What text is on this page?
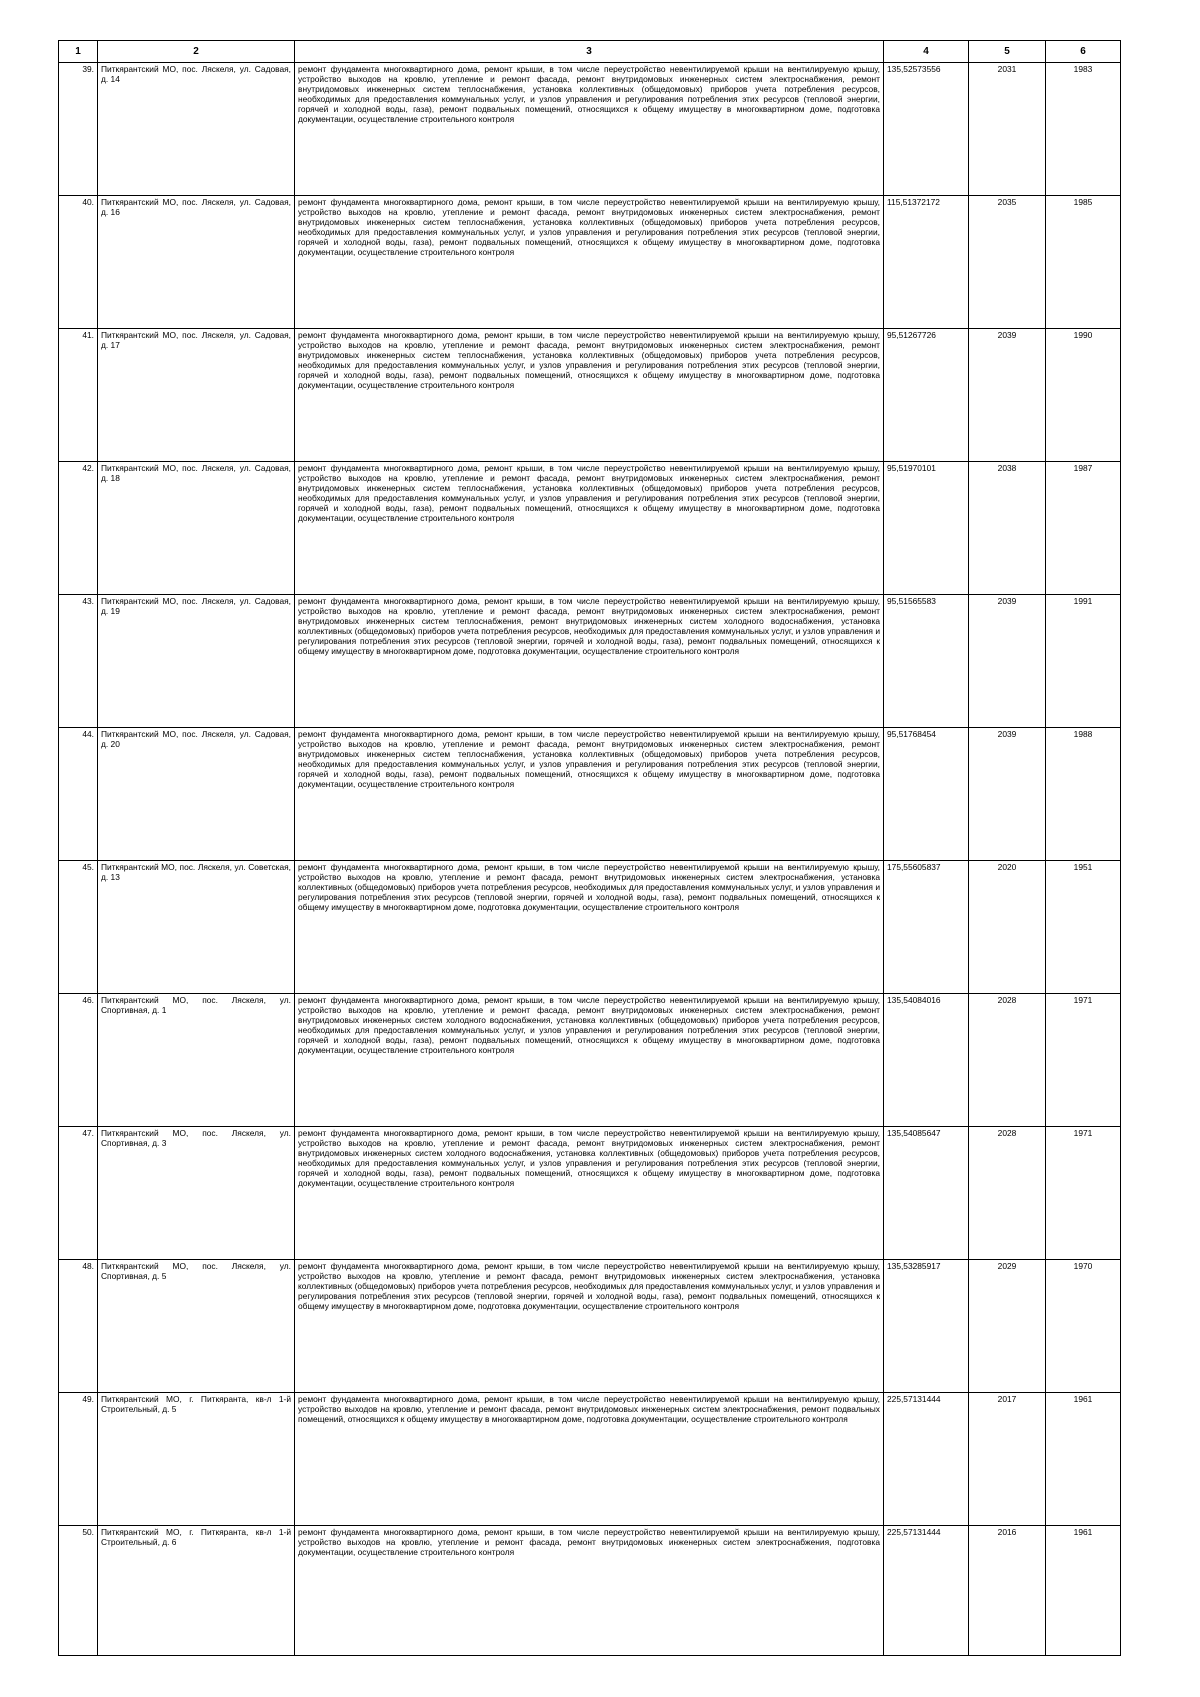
1	2	3	4	5	6
39.	Питкярантский МО, пос. Ляскеля, ул. Садовая, д. 14	ремонт фундамента многоквартирного дома, ремонт крыши, в том числе переустройство невентилируемой крыши на вентилируемую крышу, устройство выходов на кровлю, утепление и ремонт фасада, ремонт внутридомовых инженерных систем электроснабжения, ремонт внутридомовых инженерных систем теплоснабжения, установка коллективных (общедомовых) приборов учета потребления ресурсов, необходимых для предоставления коммунальных услуг, и узлов управления и регулирования потребления этих ресурсов (тепловой энергии, горячей и холодной воды, газа), ремонт подвальных помещений, относящихся к общему имуществу в многоквартирном доме, подготовка документации, осуществление строительного контроля	135,52573556	2031	1983
40.	Питкярантский МО, пос. Ляскеля, ул. Садовая, д. 16	ремонт фундамента многоквартирного дома, ремонт крыши, в том числе переустройство невентилируемой крыши на вентилируемую крышу, устройство выходов на кровлю, утепление и ремонт фасада, ремонт внутридомовых инженерных систем электроснабжения, ремонт внутридомовых инженерных систем теплоснабжения, установка коллективных (общедомовых) приборов учета потребления ресурсов, необходимых для предоставления коммунальных услуг, и узлов управления и регулирования потребления этих ресурсов (тепловой энергии, горячей и холодной воды, газа), ремонт подвальных помещений, относящихся к общему имуществу в многоквартирном доме, подготовка документации, осуществление строительного контроля	115,51372172	2035	1985
41.	Питкярантский МО, пос. Ляскеля, ул. Садовая, д. 17	ремонт фундамента многоквартирного дома, ремонт крыши, в том числе переустройство невентилируемой крыши на вентилируемую крышу, устройство выходов на кровлю, утепление и ремонт фасада, ремонт внутридомовых инженерных систем электроснабжения, ремонт внутридомовых инженерных систем теплоснабжения, установка коллективных (общедомовых) приборов учета потребления ресурсов, необходимых для предоставления коммунальных услуг, и узлов управления и регулирования потребления этих ресурсов (тепловой энергии, горячей и холодной воды, газа), ремонт подвальных помещений, относящихся к общему имуществу в многоквартирном доме, подготовка документации, осуществление строительного контроля	95,51267726	2039	1990
42.	Питкярантский МО, пос. Ляскеля, ул. Садовая, д. 18	ремонт фундамента многоквартирного дома, ремонт крыши, в том числе переустройство невентилируемой крыши на вентилируемую крышу, устройство выходов на кровлю, утепление и ремонт фасада, ремонт внутридомовых инженерных систем электроснабжения, ремонт внутридомовых инженерных систем теплоснабжения, установка коллективных (общедомовых) приборов учета потребления ресурсов, необходимых для предоставления коммунальных услуг, и узлов управления и регулирования потребления этих ресурсов (тепловой энергии, горячей и холодной воды, газа), ремонт подвальных помещений, относящихся к общему имуществу в многоквартирном доме, подготовка документации, осуществление строительного контроля	95,51970101	2038	1987
43.	Питкярантский МО, пос. Ляскеля, ул. Садовая, д. 19	ремонт фундамента многоквартирного дома, ремонт крыши, в том числе переустройство невентилируемой крыши на вентилируемую крышу, устройство выходов на кровлю, утепление и ремонт фасада, ремонт внутридомовых инженерных систем электроснабжения, ремонт внутридомовых инженерных систем теплоснабжения, ремонт внутридомовых инженерных систем холодного водоснабжения, установка коллективных (общедомовых) приборов учета потребления ресурсов, необходимых для предоставления коммунальных услуг, и узлов управления и регулирования потребления этих ресурсов (тепловой энергии, горячей и холодной воды, газа), ремонт подвальных помещений, относящихся к общему имуществу в многоквартирном доме, подготовка документации, осуществление строительного контроля	95,51565583	2039	1991
44.	Питкярантский МО, пос. Ляскеля, ул. Садовая, д. 20	ремонт фундамента многоквартирного дома, ремонт крыши, в том числе переустройство невентилируемой крыши на вентилируемую крышу, устройство выходов на кровлю, утепление и ремонт фасада, ремонт внутридомовых инженерных систем электроснабжения, ремонт внутридомовых инженерных систем теплоснабжения, установка коллективных (общедомовых) приборов учета потребления ресурсов, необходимых для предоставления коммунальных услуг, и узлов управления и регулирования потребления этих ресурсов (тепловой энергии, горячей и холодной воды, газа), ремонт подвальных помещений, относящихся к общему имуществу в многоквартирном доме, подготовка документации, осуществление строительного контроля	95,51768454	2039	1988
45.	Питкярантский МО, пос. Ляскеля, ул. Советская, д. 13	ремонт фундамента многоквартирного дома, ремонт крыши, в том числе переустройство невентилируемой крыши на вентилируемую крышу, устройство выходов на кровлю, утепление и ремонт фасада, ремонт внутридомовых инженерных систем электроснабжения, установка коллективных (общедомовых) приборов учета потребления ресурсов, необходимых для предоставления коммунальных услуг, и узлов управления и регулирования потребления этих ресурсов (тепловой энергии, горячей и холодной воды, газа), ремонт подвальных помещений, относящихся к общему имуществу в многоквартирном доме, подготовка документации, осуществление строительного контроля	175,55605837	2020	1951
46.	Питкярантский МО, пос. Ляскеля, ул. Спортивная, д. 1	ремонт фундамента многоквартирного дома, ремонт крыши, в том числе переустройство невентилируемой крыши на вентилируемую крышу, устройство выходов на кровлю, утепление и ремонт фасада, ремонт внутридомовых инженерных систем электроснабжения, ремонт внутридомовых инженерных систем холодного водоснабжения, установка коллективных (общедомовых) приборов учета потребления ресурсов, необходимых для предоставления коммунальных услуг, и узлов управления и регулирования потребления этих ресурсов (тепловой энергии, горячей и холодной воды, газа), ремонт подвальных помещений, относящихся к общему имуществу в многоквартирном доме, подготовка документации, осуществление строительного контроля	135,54084016	2028	1971
47.	Питкярантский МО, пос. Ляскеля, ул. Спортивная, д. 3	ремонт фундамента многоквартирного дома, ремонт крыши, в том числе переустройство невентилируемой крыши на вентилируемую крышу, устройство выходов на кровлю, утепление и ремонт фасада, ремонт внутридомовых инженерных систем электроснабжения, ремонт внутридомовых инженерных систем холодного водоснабжения, установка коллективных (общедомовых) приборов учета потребления ресурсов, необходимых для предоставления коммунальных услуг, и узлов управления и регулирования потребления этих ресурсов (тепловой энергии, горячей и холодной воды, газа), ремонт подвальных помещений, относящихся к общему имуществу в многоквартирном доме, подготовка документации, осуществление строительного контроля	135,54085647	2028	1971
48.	Питкярантский МО, пос. Ляскеля, ул. Спортивная, д. 5	ремонт фундамента многоквартирного дома, ремонт крыши, в том числе переустройство невентилируемой крыши на вентилируемую крышу, устройство выходов на кровлю, утепление и ремонт фасада, ремонт внутридомовых инженерных систем электроснабжения, установка коллективных (общедомовых) приборов учета потребления ресурсов, необходимых для предоставления коммунальных услуг, и узлов управления и регулирования потребления этих ресурсов (тепловой энергии, горячей и холодной воды, газа), ремонт подвальных помещений, относящихся к общему имуществу в многоквартирном доме, подготовка документации, осуществление строительного контроля	135,53285917	2029	1970
49.	Питкярантский МО, г. Питкяранта, кв-л 1-й Строительный, д. 5	ремонт фундамента многоквартирного дома, ремонт крыши, в том числе переустройство невентилируемой крыши на вентилируемую крышу, устройство выходов на кровлю, утепление и ремонт фасада, ремонт внутридомовых инженерных систем электроснабжения, ремонт подвальных помещений, относящихся к общему имуществу в многоквартирном доме, подготовка документации, осуществление строительного контроля	225,57131444	2017	1961
50.	Питкярантский МО, г. Питкяранта, кв-л 1-й Строительный, д. 6	ремонт фундамента многоквартирного дома, ремонт крыши, в том числе переустройство невентилируемой крыши на вентилируемую крышу, устройство выходов на кровлю, утепление и ремонт фасада, ремонт внутридомовых инженерных систем электроснабжения, подготовка документации, осуществление строительного контроля	225,57131444	2016	1961
